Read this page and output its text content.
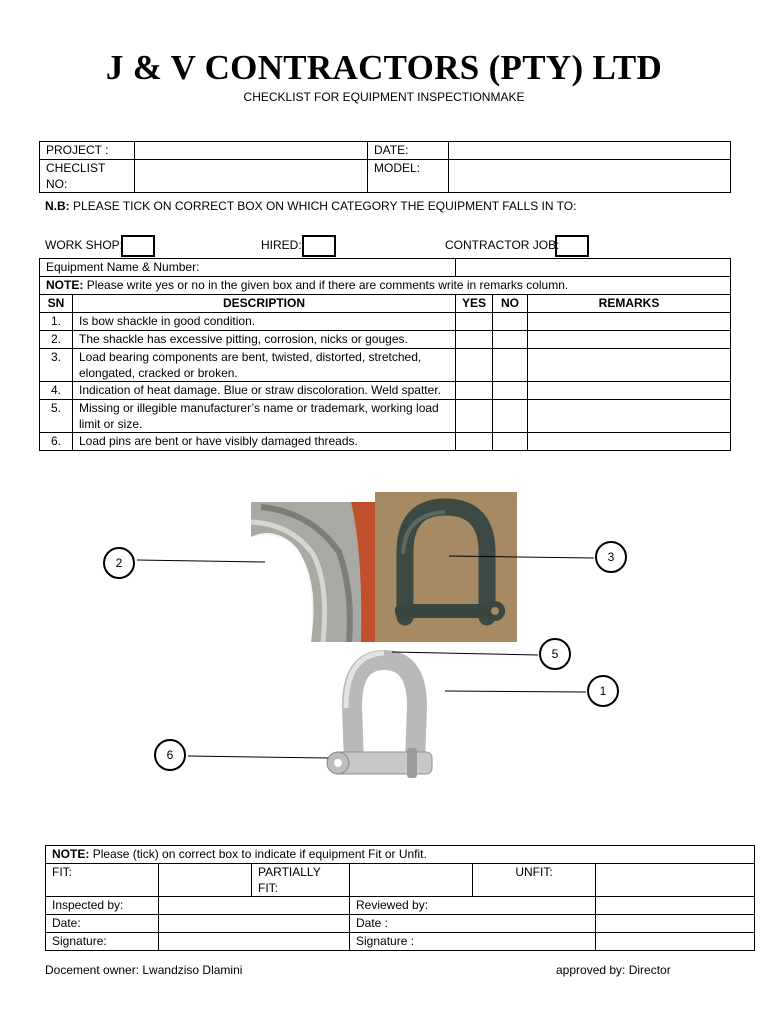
J & V CONTRACTORS (PTY) LTD
CHECKLIST FOR EQUIPMENT INSPECTIONMAKE
PROJECT :		DATE:	
CHECLIST NO:		MODEL:	
N.B: PLEASE TICK ON CORRECT BOX ON WHICH CATEGORY THE EQUIPMENT FALLS IN TO:
WORK SHOP:	HIRED:	CONTRACTOR JOB:
Equipment Name & Number:				
NOTE: Please write yes or no in the given box and if there are comments write in remarks column.				
SN	DESCRIPTION	YES	NO	REMARKS
1.	Is bow shackle in good condition.			
2.	The shackle has excessive pitting, corrosion, nicks or gouges.			
3.	Load bearing components are bent, twisted, distorted, stretched, elongated, cracked or broken.			
4.	Indication of heat damage. Blue or straw discoloration. Weld spatter.			
5.	Missing or illegible manufacturer’s name or trademark, working load limit or size.			
6.	Load pins are bent or have visibly damaged threads.			
2	3
5
1
6
NOTE: Please (tick) on correct box to indicate if equipment Fit or Unfit.					
FIT:		PARTIALLY FIT:		UNFIT:	
Inspected by:			Reviewed by:		
Date:			Date :		
Signature:			Signature :		
Docement owner: Lwandziso Dlamini	approved by: Director
